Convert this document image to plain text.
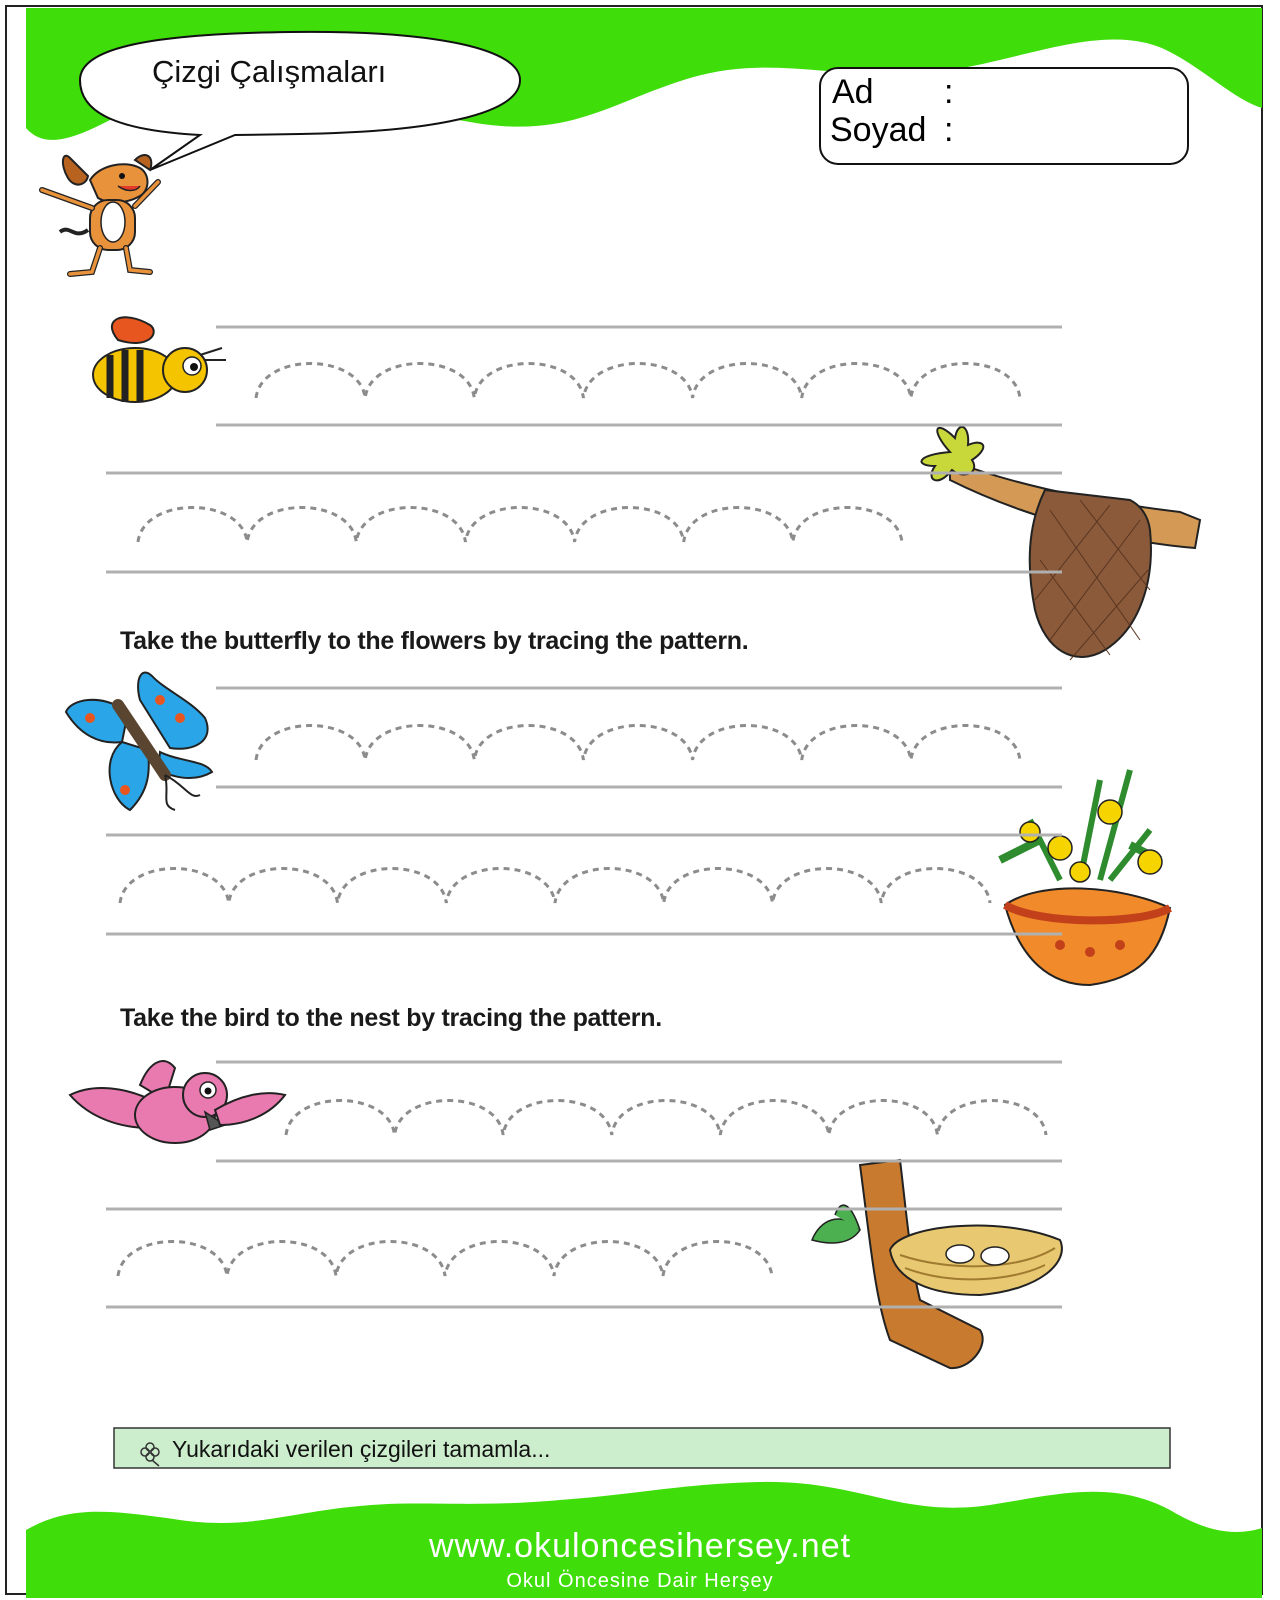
Çizgi Çalışmaları

Ad :
Soyad :

Take the butterfly to the flowers by tracing the pattern.

Take the bird to the nest by tracing the pattern.

Yukarıdaki verilen çizgileri tamamla...
www.okuloncesihersey.net
Okul Öncesine Dair Herşey
